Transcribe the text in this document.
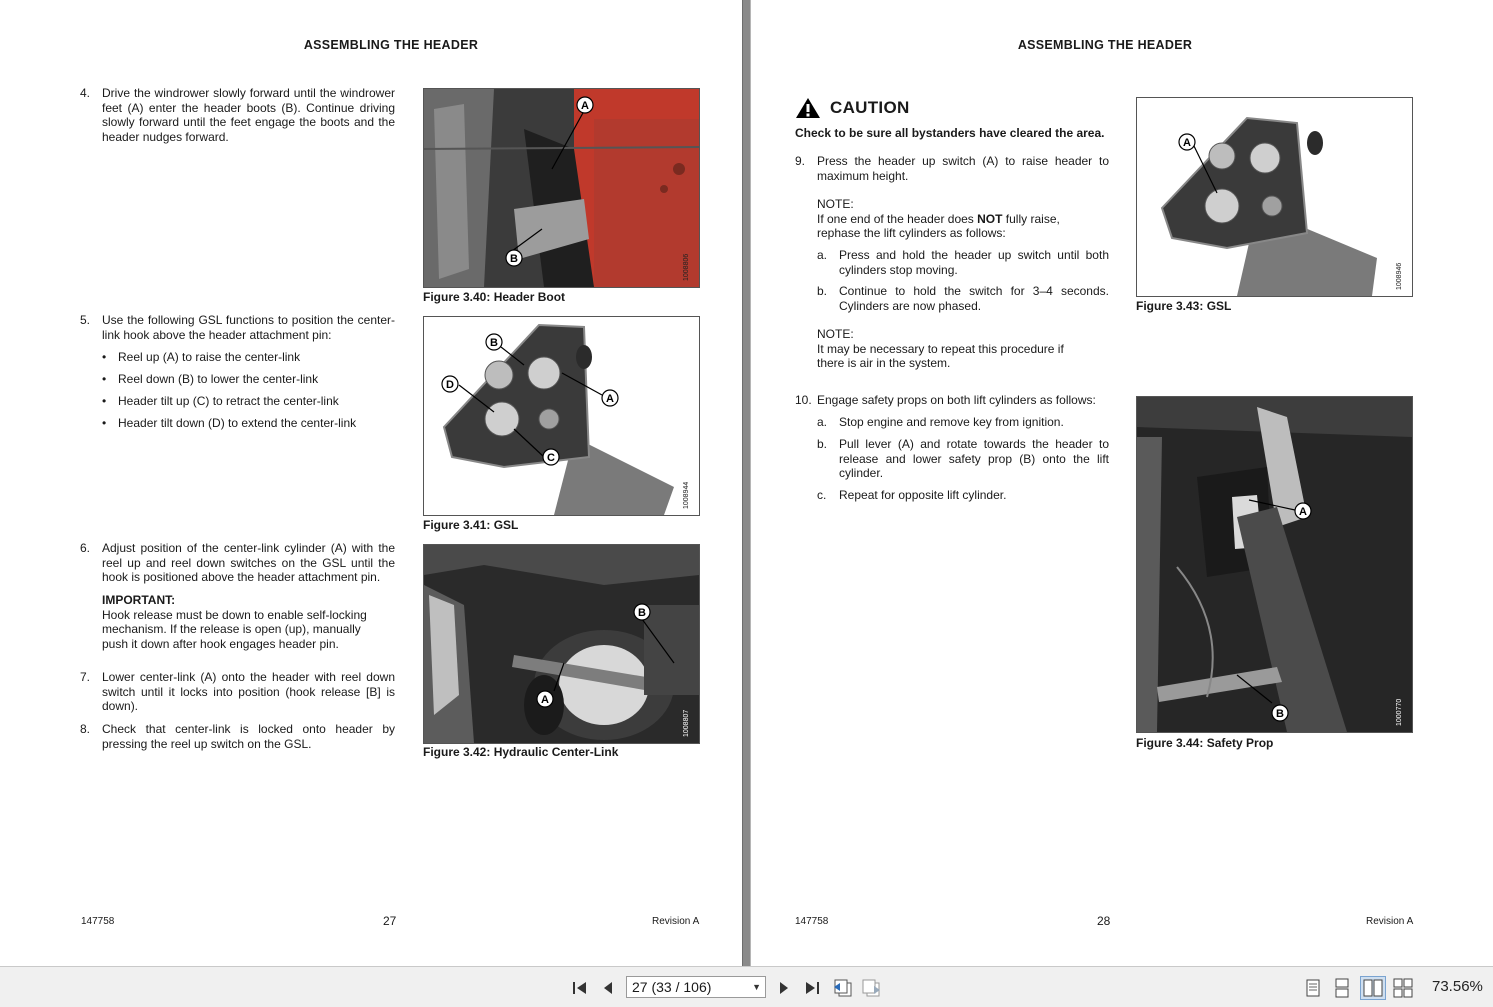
ASSEMBLING THE HEADER
4. Drive the windrower slowly forward until the windrower feet (A) enter the header boots (B). Continue driving slowly forward until the feet engage the boots and the header nudges forward.
5. Use the following GSL functions to position the center-link hook above the header attachment pin:
• Reel up (A) to raise the center-link
• Reel down (B) to lower the center-link
• Header tilt up (C) to retract the center-link
• Header tilt down (D) to extend the center-link
6. Adjust position of the center-link cylinder (A) with the reel up and reel down switches on the GSL until the hook is positioned above the header attachment pin.
IMPORTANT:
Hook release must be down to enable self-locking mechanism. If the release is open (up), manually push it down after hook engages header pin.
7. Lower center-link (A) onto the header with reel down switch until it locks into position (hook release [B] is down).
8. Check that center-link is locked onto header by pressing the reel up switch on the GSL.
A
B	1008806
Figure 3.40: Header Boot
B
D
A
C
1008944
Figure 3.41: GSL
B
A
1008807
Figure 3.42: Hydraulic Center-Link
147758	27	Revision A
ASSEMBLING THE HEADER
CAUTION
Check to be sure all bystanders have cleared the area.
9. Press the header up switch (A) to raise header to maximum height.
NOTE:
If one end of the header does NOT fully raise, rephase the lift cylinders as follows:
a. Press and hold the header up switch until both cylinders stop moving.
b. Continue to hold the switch for 3–4 seconds. Cylinders are now phased.
NOTE:
It may be necessary to repeat this procedure if there is air in the system.
10. Engage safety props on both lift cylinders as follows:
a. Stop engine and remove key from ignition.
b. Pull lever (A) and rotate towards the header to release and lower safety prop (B) onto the lift cylinder.
c. Repeat for opposite lift cylinder.
A
1008946
Figure 3.43: GSL
A
B	1000770
Figure 3.44: Safety Prop
147758	28	Revision A
27 (33 / 106)	▼	73.56%
